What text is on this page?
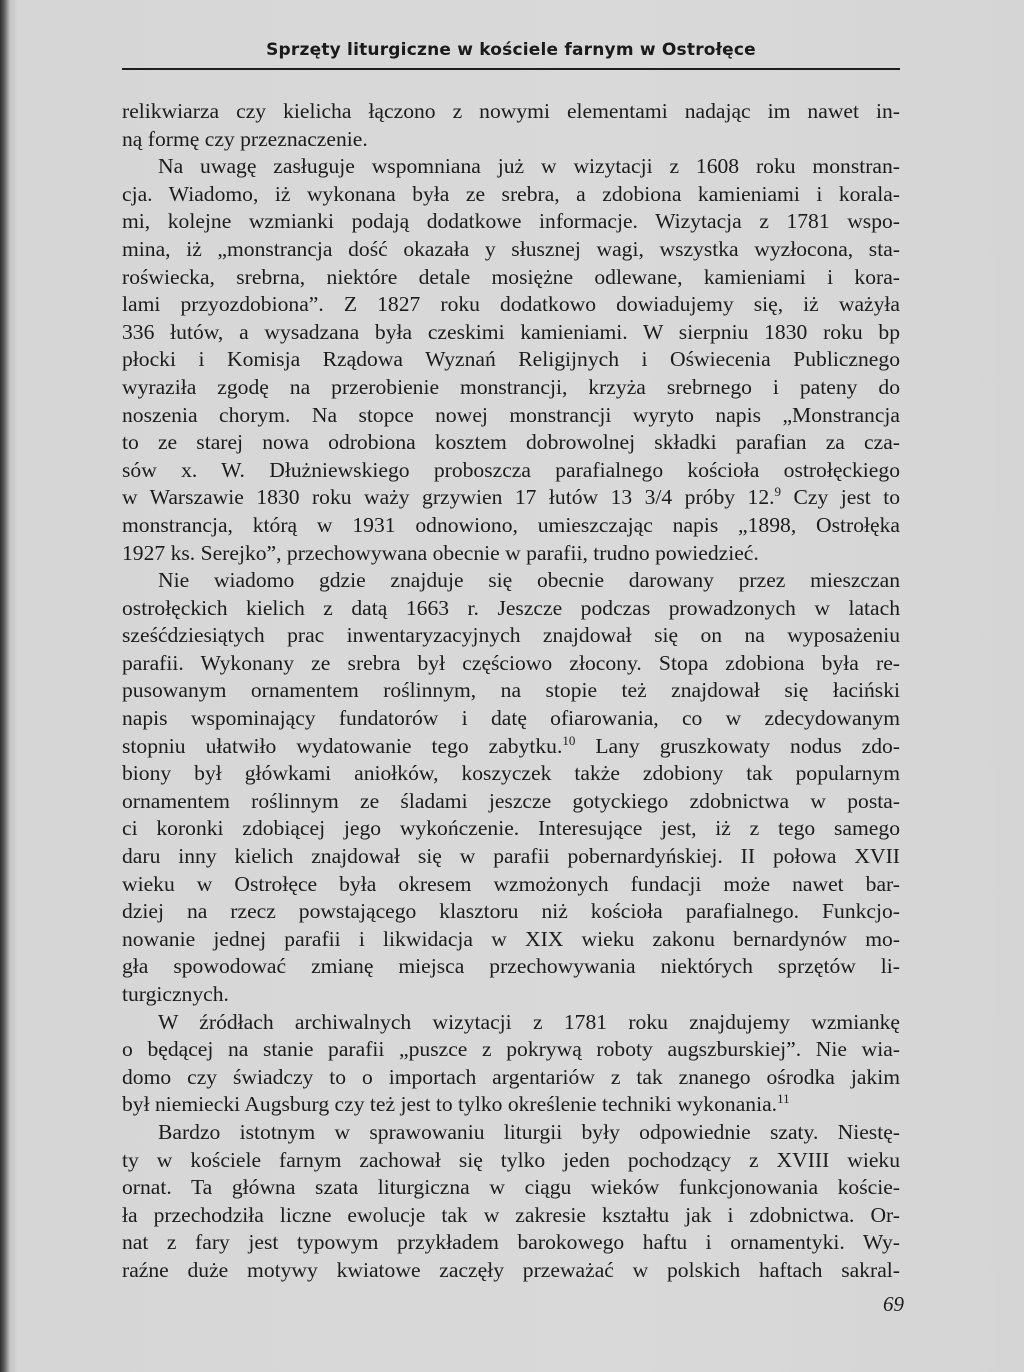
Sprzęty liturgiczne w kościele farnym w Ostrołęce
relikwiarza czy kielicha łączono z nowymi elementami nadając im nawet in-
ną formę czy przeznaczenie.
Na uwagę zasługuje wspomniana już w wizytacji z 1608 roku monstran-
cja. Wiadomo, iż wykonana była ze srebra, a zdobiona kamieniami i korala-
mi, kolejne wzmianki podają dodatkowe informacje. Wizytacja z 1781 wspo-
mina, iż „monstrancja dość okazała y słusznej wagi, wszystka wyzłocona, sta-
roświecka, srebrna, niektóre detale mosiężne odlewane, kamieniami i kora-
lami przyozdobiona”. Z 1827 roku dodatkowo dowiadujemy się, iż ważyła
336 łutów, a wysadzana była czeskimi kamieniami. W sierpniu 1830 roku bp
płocki i Komisja Rządowa Wyznań Religijnych i Oświecenia Publicznego
wyraziła zgodę na przerobienie monstrancji, krzyża srebrnego i pateny do
noszenia chorym. Na stopce nowej monstrancji wyryto napis „Monstrancja
to ze starej nowa odrobiona kosztem dobrowolnej składki parafian za cza-
sów x. W. Dłużniewskiego proboszcza parafialnego kościoła ostrołęckiego
w Warszawie 1830 roku waży grzywien 17 łutów 13 3/4 próby 12.$^9$ Czy jest to
monstrancja, którą w 1931 odnowiono, umieszczając napis „1898, Ostrołęka
1927 ks. Serejko”, przechowywana obecnie w parafii, trudno powiedzieć.
Nie wiadomo gdzie znajduje się obecnie darowany przez mieszczan
ostrołęckich kielich z datą 1663 r. Jeszcze podczas prowadzonych w latach
sześćdziesiątych prac inwentaryzacyjnych znajdował się on na wyposażeniu
parafii. Wykonany ze srebra był częściowo złocony. Stopa zdobiona była re-
pusowanym ornamentem roślinnym, na stopie też znajdował się łaciński
napis wspominający fundatorów i datę ofiarowania, co w zdecydowanym
stopniu ułatwiło wydatowanie tego zabytku.$^{10}$ Lany gruszkowaty nodus zdo-
biony był główkami aniołków, koszyczek także zdobiony tak popularnym
ornamentem roślinnym ze śladami jeszcze gotyckiego zdobnictwa w posta-
ci koronki zdobiącej jego wykończenie. Interesujące jest, iż z tego samego
daru inny kielich znajdował się w parafii pobernardyńskiej. II połowa XVII
wieku w Ostrołęce była okresem wzmożonych fundacji może nawet bar-
dziej na rzecz powstającego klasztoru niż kościoła parafialnego. Funkcjo-
nowanie jednej parafii i likwidacja w XIX wieku zakonu bernardynów mo-
gła spowodować zmianę miejsca przechowywania niektórych sprzętów li-
turgicznych.
W źródłach archiwalnych wizytacji z 1781 roku znajdujemy wzmiankę
o będącej na stanie parafii „puszce z pokrywą roboty augszburskiej”. Nie wia-
domo czy świadczy to o importach argentariów z tak znanego ośrodka jakim
był niemiecki Augsburg czy też jest to tylko określenie techniki wykonania.$^{11}$
Bardzo istotnym w sprawowaniu liturgii były odpowiednie szaty. Niestę-
ty w kościele farnym zachował się tylko jeden pochodzący z XVIII wieku
ornat. Ta główna szata liturgiczna w ciągu wieków funkcjonowania koście-
ła przechodziła liczne ewolucje tak w zakresie kształtu jak i zdobnictwa. Or-
nat z fary jest typowym przykładem barokowego haftu i ornamentyki. Wy-
raźne duże motywy kwiatowe zaczęły przeważać w polskich haftach sakral-
69
